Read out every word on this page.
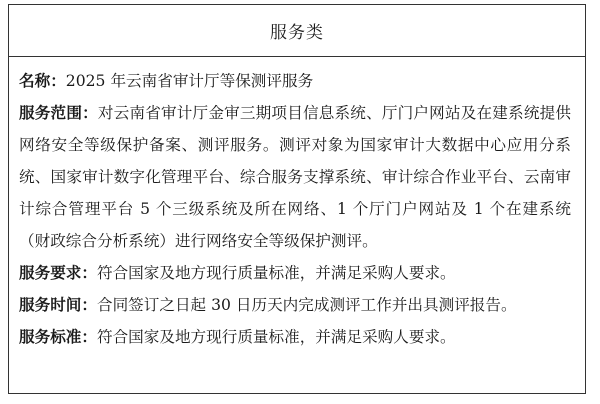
服务类

名称：2025 年云南省审计厅等保测评服务

服务范围：对云南省审计厅金审三期项目信息系统、厅门户网站及在建系统提供网络安全等级保护备案、测评服务。测评对象为国家审计大数据中心应用分系统、国家审计数字化管理平台、综合服务支撑系统、审计综合作业平台、云南审计综合管理平台 5 个三级系统及所在网络、1 个厅门户网站及 1 个在建系统（财政综合分析系统）进行网络安全等级保护测评。

服务要求：符合国家及地方现行质量标准，并满足采购人要求。

服务时间：合同签订之日起 30 日历天内完成测评工作并出具测评报告。

服务标准：符合国家及地方现行质量标准，并满足采购人要求。
